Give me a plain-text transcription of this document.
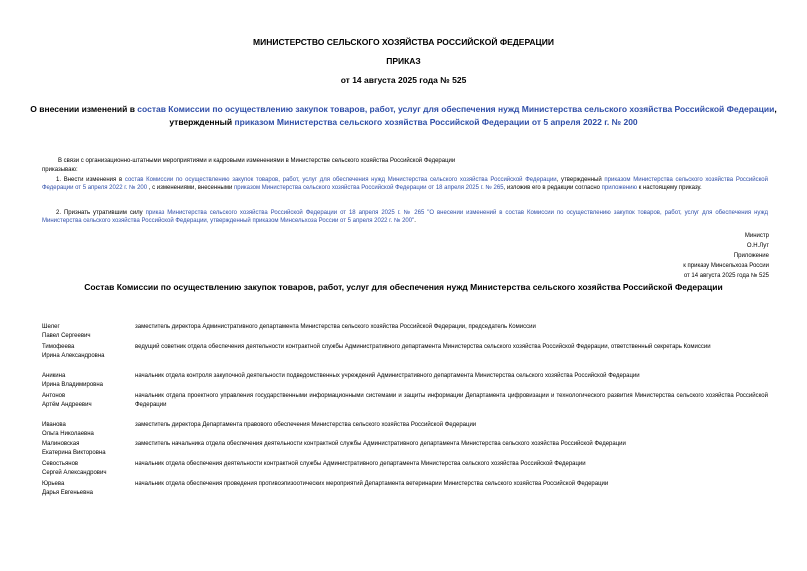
МИНИСТЕРСТВО СЕЛЬСКОГО ХОЗЯЙСТВА РОССИЙСКОЙ ФЕДЕРАЦИИ
ПРИКАЗ
от 14 августа 2025 года № 525
О внесении изменений в состав Комиссии по осуществлению закупок товаров, работ, услуг для обеспечения нужд Министерства сельского хозяйства Российской Федерации, утвержденный приказом Министерства сельского хозяйства Российской Федерации от 5 апреля 2022 г. № 200
В связи с организационно-штатными мероприятиями и кадровыми изменениями в Министерстве сельского хозяйства Российской Федерации
приказываю:
1. Внести изменения в состав Комиссии по осуществлению закупок товаров, работ, услуг для обеспечения нужд Министерства сельского хозяйства Российской Федерации, утвержденный приказом Министерства сельского хозяйства Российской Федерации от 5 апреля 2022 г. № 200 , с изменениями, внесенными приказом Министерства сельского хозяйства Российской Федерации от 18 апреля 2025 г. № 265, изложив его в редакции согласно приложению к настоящему приказу.
2. Признать утратившим силу приказ Министерства сельского хозяйства Российской Федерации от 18 апреля 2025 г. № 265 "О внесении изменений в состав Комиссии по осуществлению закупок товаров, работ, услуг для обеспечения нужд Министерства сельского хозяйства Российской Федерации, утвержденный приказом Минсельхоза России от 5 апреля 2022 г. № 200".
Министр
О.Н.Лут
Приложение
к приказу Минсельхоза России
от 14 августа 2025 года № 525
Состав Комиссии по осуществлению закупок товаров, работ, услуг для обеспечения нужд Министерства сельского хозяйства Российской Федерации
Шелег
Павел Сергеевич
заместитель директора Административного департамента Министерства сельского хозяйства Российской Федерации, председатель Комиссии
Тимофеева
Ирина Александровна
ведущий советник отдела обеспечения деятельности контрактной службы Административного департамента Министерства сельского хозяйства Российской Федерации, ответственный секретарь Комиссии
Аникина
Ирина Владимировна
начальник отдела контроля закупочной деятельности подведомственных учреждений Административного департамента Министерства сельского хозяйства Российской Федерации
Антонов
Артём Андреевич
начальник отдела проектного управления государственными информационными системами и защиты информации Департамента цифровизации и технологического развития Министерства сельского хозяйства Российской Федерации
Иванова
Ольга Николаевна
заместитель директора Департамента правового обеспечения Министерства сельского хозяйства Российской Федерации
Малиновская
Екатерина Викторовна
заместитель начальника отдела обеспечения деятельности контрактной службы Административного департамента Министерства сельского хозяйства Российской Федерации
Севостьянов
Сергей Александрович
начальник отдела обеспечения деятельности контрактной службы Административного департамента Министерства сельского хозяйства Российской Федерации
Юрьева
Дарья Евгеньевна
начальник отдела обеспечения проведения противоэпизоотических мероприятий Департамента ветеринарии Министерства сельского хозяйства Российской Федерации
